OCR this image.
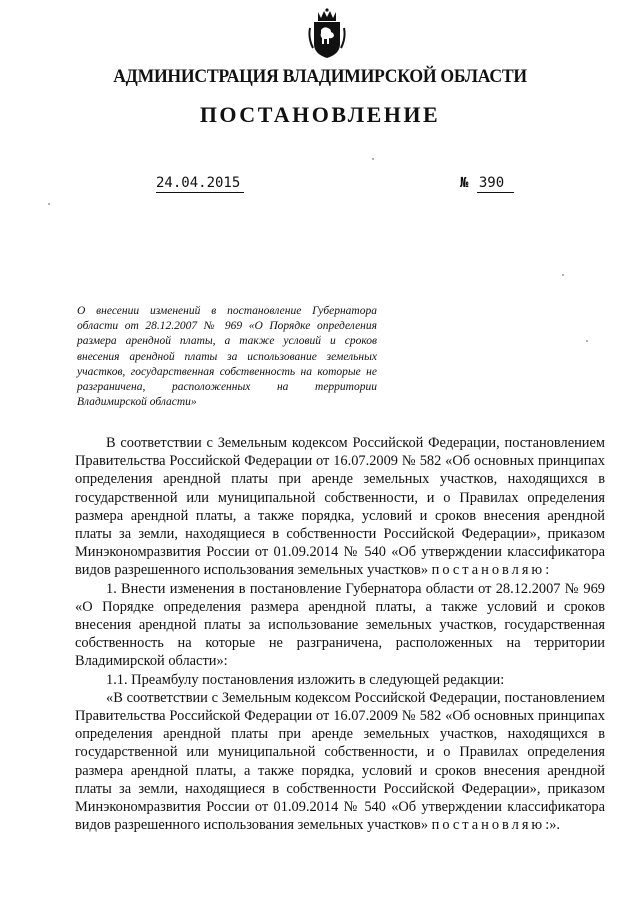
АДМИНИСТРАЦИЯ ВЛАДИМИРСКОЙ ОБЛАСТИ
ПОСТАНОВЛЕНИЕ
24.04.2015	№ 390

О внесении изменений в постановление Губернатора области от 28.12.2007 № 969 «О Порядке определения размера арендной платы, а также условий и сроков внесения арендной платы за использование земельных участков, государственная собственность на которые не разграничена, расположенных на территории Владимирской области»

В соответствии с Земельным кодексом Российской Федерации, постановлением Правительства Российской Федерации от 16.07.2009 № 582 «Об основных принципах определения арендной платы при аренде земельных участков, находящихся в государственной или муниципальной собственности, и о Правилах определения размера арендной платы, а также порядка, условий и сроков внесения арендной платы за земли, находящиеся в собственности Российской Федерации», приказом Минэкономразвития России от 01.09.2014 № 540 «Об утверждении классификатора видов разрешенного использования земельных участков» постановляю:

1. Внести изменения в постановление Губернатора области от 28.12.2007 № 969 «О Порядке определения размера арендной платы, а также условий и сроков внесения арендной платы за использование земельных участков, государственная собственность на которые не разграничена, расположенных на территории Владимирской области»:

1.1. Преамбулу постановления изложить в следующей редакции:

«В соответствии с Земельным кодексом Российской Федерации, постановлением Правительства Российской Федерации от 16.07.2009 № 582 «Об основных принципах определения арендной платы при аренде земельных участков, находящихся в государственной или муниципальной собственности, и о Правилах определения размера арендной платы, а также порядка, условий и сроков внесения арендной платы за земли, находящиеся в собственности Российской Федерации», приказом Минэкономразвития России от 01.09.2014 № 540 «Об утверждении классификатора видов разрешенного использования земельных участков» постановляю:».
